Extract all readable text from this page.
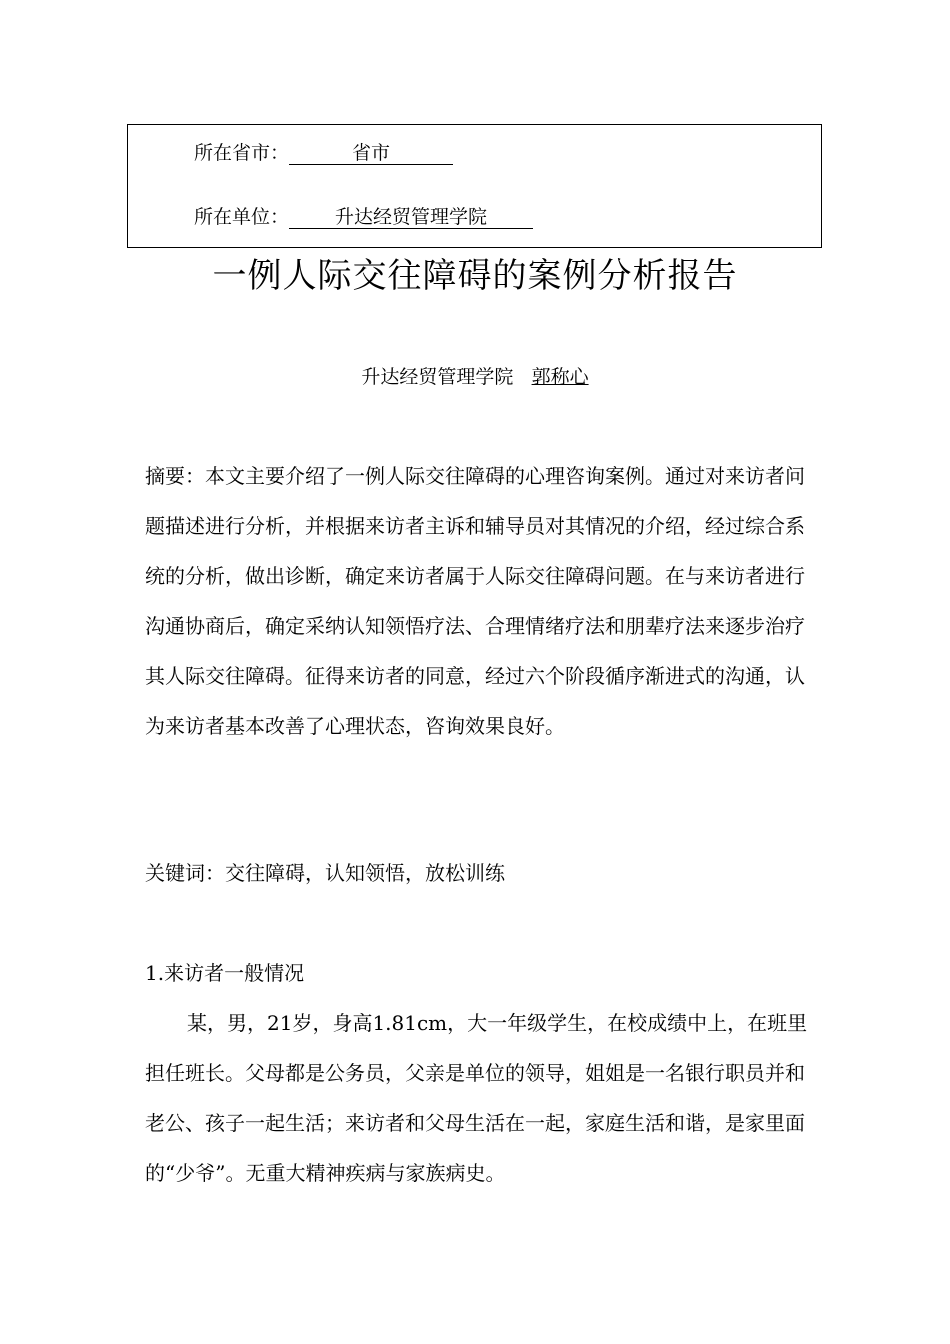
所在省市：	省市
所在单位： 升达经贸管理学院
一例人际交往障碍的案例分析报告
升达经贸管理学院 郭称心
摘要：本文主要介绍了一例人际交往障碍的心理咨询案例。通过对来访者问题描述进行分析，并根据来访者主诉和辅导员对其情况的介绍，经过综合系统的分析，做出诊断，确定来访者属于人际交往障碍问题。在与来访者进行沟通协商后，确定采纳认知领悟疗法、合理情绪疗法和朋辈疗法来逐步治疗其人际交往障碍。征得来访者的同意，经过六个阶段循序渐进式的沟通，认为来访者基本改善了心理状态，咨询效果良好。
关键词：交往障碍，认知领悟，放松训练
1.来访者一般情况
某，男，21岁，身高1.81cm，大一年级学生，在校成绩中上，在班里担任班长。父母都是公务员，父亲是单位的领导，姐姐是一名银行职员并和老公、孩子一起生活；来访者和父母生活在一起，家庭生活和谐，是家里面的“少爷”。无重大精神疾病与家族病史。
